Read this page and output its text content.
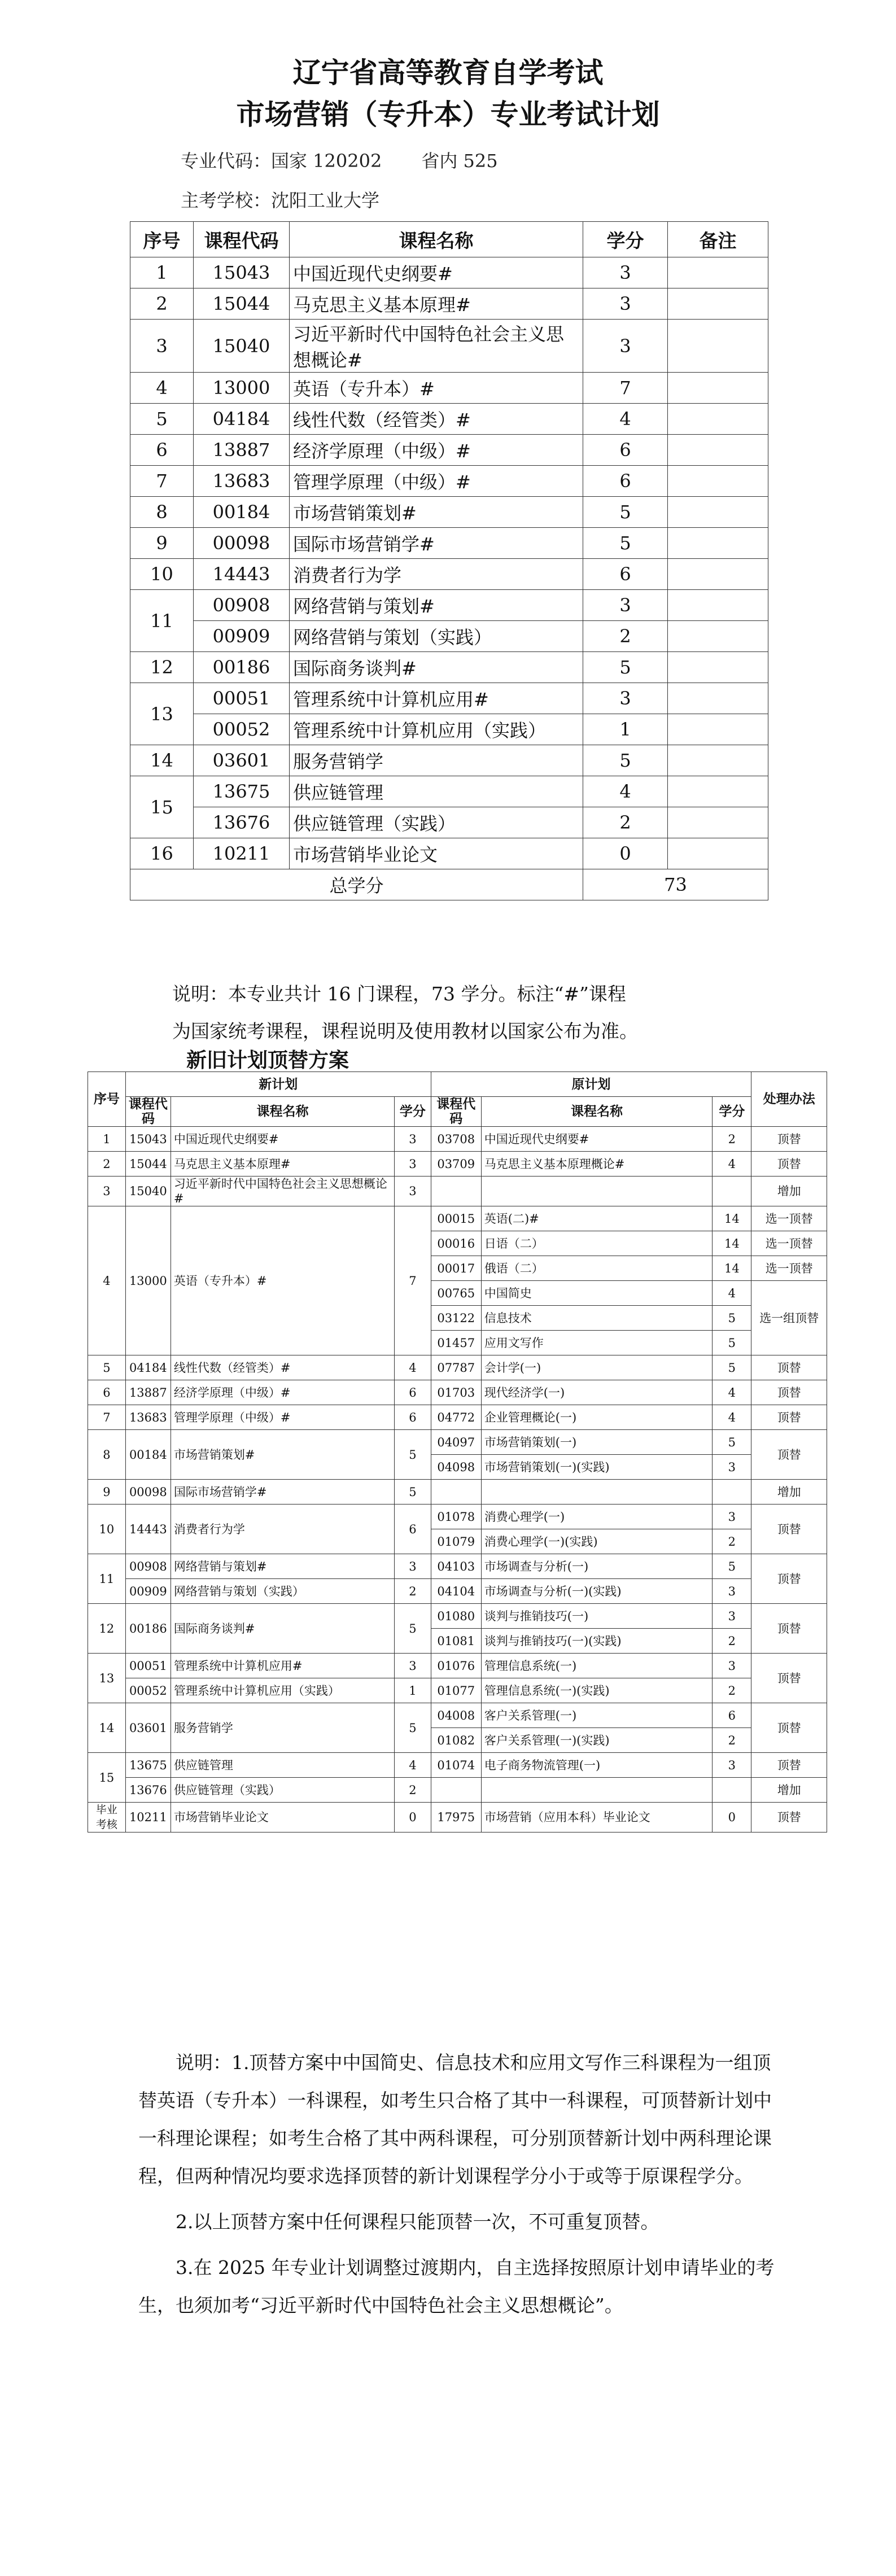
辽宁省高等教育自学考试
市场营销（专升本）专业考试计划
专业代码：国家 120202 省内 525
主考学校：沈阳工业大学
序号	课程代码	课程名称	学分	备注
1	15043	中国近现代史纲要#	3	
2	15044	马克思主义基本原理#	3	
3	15040	习近平新时代中国特色社会主义思想概论#	3	
4	13000	英语（专升本）#	7	
5	04184	线性代数（经管类）#	4	
6	13887	经济学原理（中级）#	6	
7	13683	管理学原理（中级）#	6	
8	00184	市场营销策划#	5	
9	00098	国际市场营销学#	5	
10	14443	消费者行为学	6	
11	00908	网络营销与策划#	3	
	00909	网络营销与策划（实践）	2	
12	00186	国际商务谈判#	5	
13	00051	管理系统中计算机应用#	3	
	00052	管理系统中计算机应用（实践）	1	
14	03601	服务营销学	5	
15	13675	供应链管理	4	
	13676	供应链管理（实践）	2	
16	10211	市场营销毕业论文	0	
总学分			73	
说明：本专业共计 16 门课程，73 学分。标注“#”课程
为国家统考课程，课程说明及使用教材以国家公布为准。
新旧计划顶替方案
序号	新计划			原计划			处理办法
	课程代码	课程名称	学分	课程代码	课程名称	学分	
1	15043	中国近现代史纲要#	3	03708	中国近现代史纲要#	2	顶替
2	15044	马克思主义基本原理#	3	03709	马克思主义基本原理概论#	4	顶替
3	15040	习近平新时代中国特色社会主义思想概论#	3				增加
4	13000	英语（专升本）#	7	00015	英语(二)#	14	选一顶替
				00016	日语（二）	14	选一顶替
				00017	俄语（二）	14	选一顶替
				00765	中国简史	4	选一组顶替
				03122	信息技术	5	
				01457	应用文写作	5	
5	04184	线性代数（经管类）#	4	07787	会计学(一)	5	顶替
6	13887	经济学原理（中级）#	6	01703	现代经济学(一)	4	顶替
7	13683	管理学原理（中级）#	6	04772	企业管理概论(一)	4	顶替
8	00184	市场营销策划#	5	04097	市场营销策划(一)	5	顶替
				04098	市场营销策划(一)(实践)	3	
9	00098	国际市场营销学#	5				增加
10	14443	消费者行为学	6	01078	消费心理学(一)	3	顶替
				01079	消费心理学(一)(实践)	2	
11	00908	网络营销与策划#	3	04103	市场调查与分析(一)	5	顶替
	00909	网络营销与策划（实践）	2	04104	市场调查与分析(一)(实践)	3	
12	00186	国际商务谈判#	5	01080	谈判与推销技巧(一)	3	顶替
				01081	谈判与推销技巧(一)(实践)	2	
13	00051	管理系统中计算机应用#	3	01076	管理信息系统(一)	3	顶替
	00052	管理系统中计算机应用（实践）	1	01077	管理信息系统(一)(实践)	2	
14	03601	服务营销学	5	04008	客户关系管理(一)	6	顶替
				01082	客户关系管理(一)(实践)	2	
15	13675	供应链管理	4	01074	电子商务物流管理(一)	3	顶替
	13676	供应链管理（实践）	2				增加
毕业考核	10211	市场营销毕业论文	0	17975	市场营销（应用本科）毕业论文	0	顶替

说明：1.顶替方案中中国简史、信息技术和应用文写作三科课程为一组顶替英语（专升本）一科课程，如考生只合格了其中一科课程，可顶替新计划中一科理论课程；如考生合格了其中两科课程，可分别顶替新计划中两科理论课程，但两种情况均要求选择顶替的新计划课程学分小于或等于原课程学分。

2.以上顶替方案中任何课程只能顶替一次，不可重复顶替。

3.在 2025 年专业计划调整过渡期内，自主选择按照原计划申请毕业的考生，也须加考“习近平新时代中国特色社会主义思想概论”。
